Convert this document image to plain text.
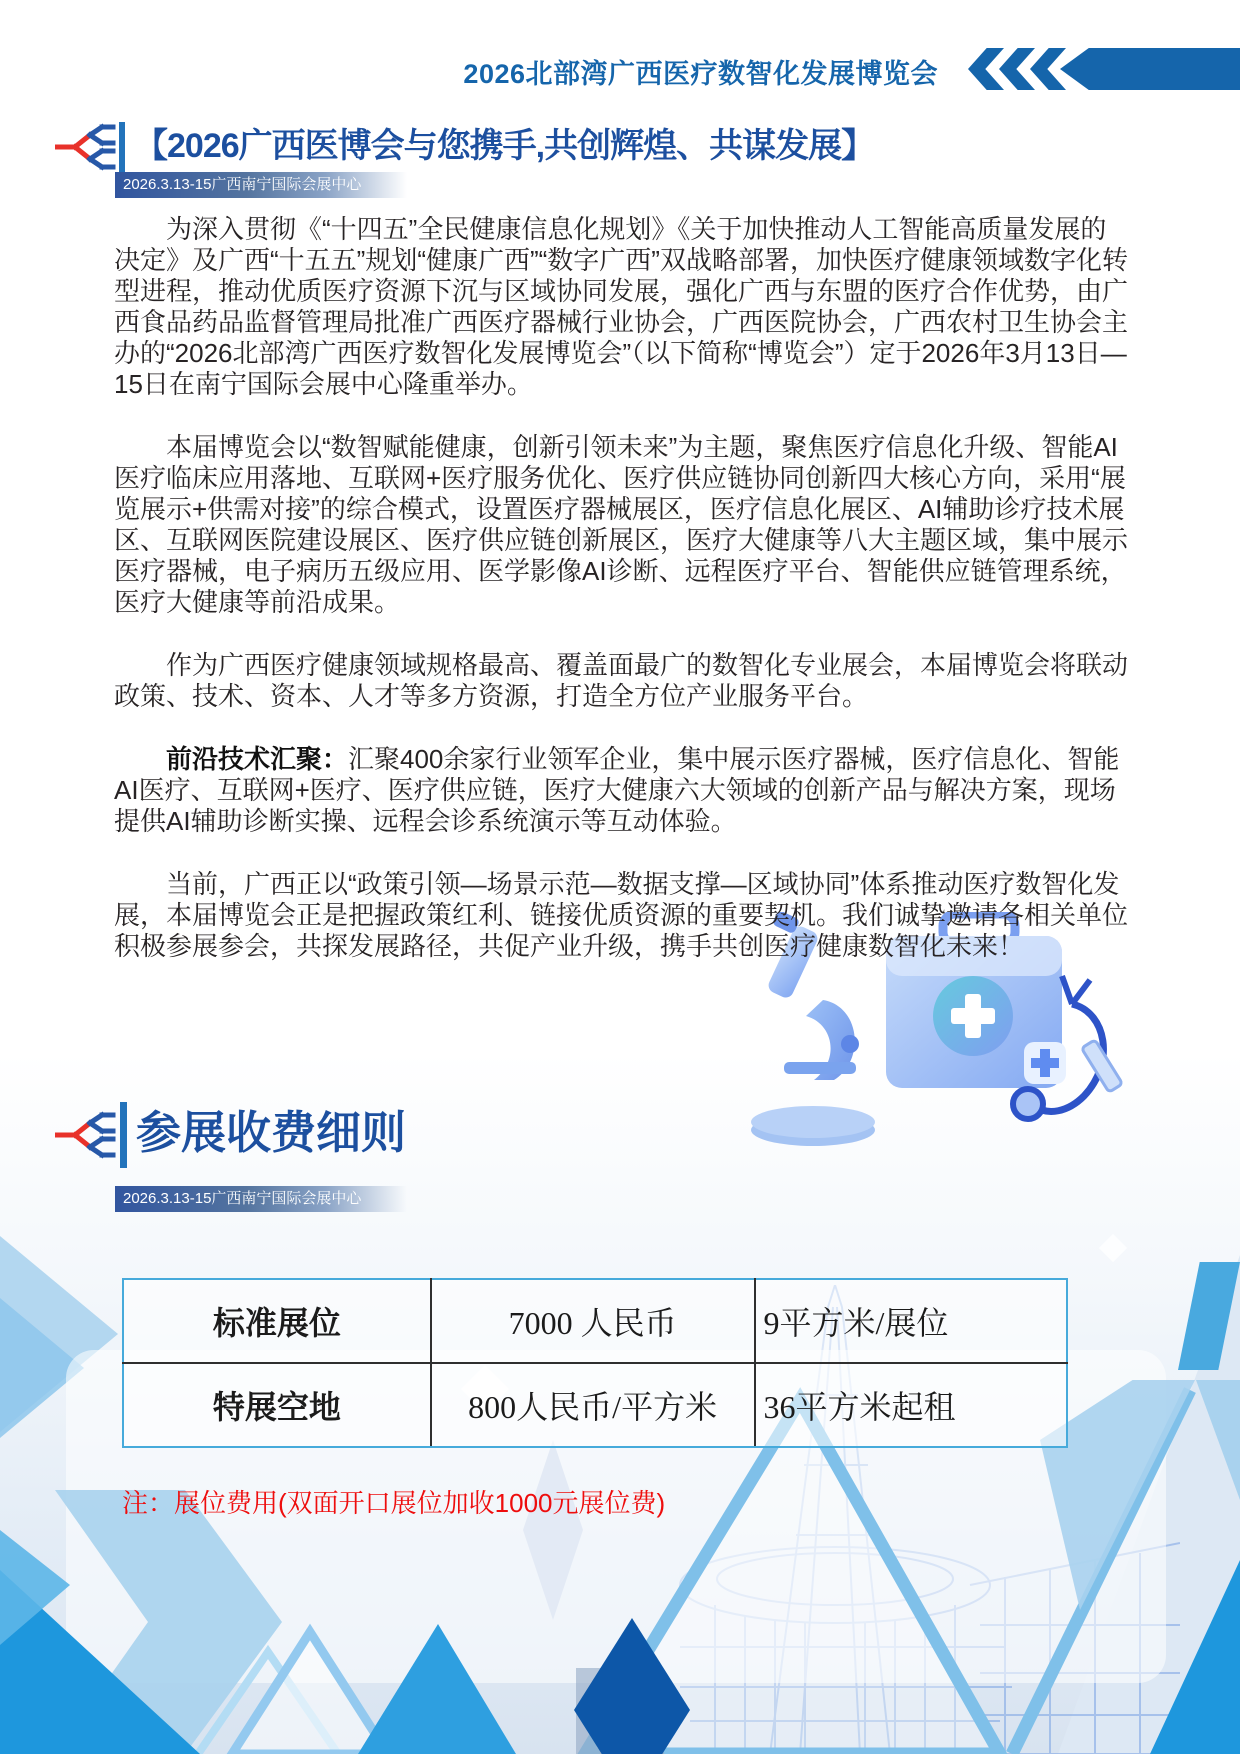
2026北部湾广西医疗数智化发展博览会
【2026广西医博会与您携手,共创辉煌、共谋发展】
2026.3.13-15广西南宁国际会展中心

为深入贯彻《“十四五”全民健康信息化规划》《关于加快推动人工智能高质量发展的决定》及广西“十五五”规划“健康广西”“数字广西”双战略部署，加快医疗健康领域数字化转型进程，推动优质医疗资源下沉与区域协同发展，强化广西与东盟的医疗合作优势，由广西食品药品监督管理局批准广西医疗器械行业协会，广西医院协会，广西农村卫生协会主办的“2026北部湾广西医疗数智化发展博览会”（以下简称“博览会”）定于2026年3月13日—15日在南宁国际会展中心隆重举办。

本届博览会以“数智赋能健康，创新引领未来”为主题，聚焦医疗信息化升级、智能AI医疗临床应用落地、互联网+医疗服务优化、医疗供应链协同创新四大核心方向，采用“展览展示+供需对接”的综合模式，设置医疗器械展区，医疗信息化展区、AI辅助诊疗技术展区、互联网医院建设展区、医疗供应链创新展区，医疗大健康等八大主题区域，集中展示医疗器械，电子病历五级应用、医学影像AI诊断、远程医疗平台、智能供应链管理系统，医疗大健康等前沿成果。

作为广西医疗健康领域规格最高、覆盖面最广的数智化专业展会，本届博览会将联动政策、技术、资本、人才等多方资源，打造全方位产业服务平台。

前沿技术汇聚：汇聚400余家行业领军企业，集中展示医疗器械，医疗信息化、智能AI医疗、互联网+医疗、医疗供应链，医疗大健康六大领域的创新产品与解决方案，现场提供AI辅助诊断实操、远程会诊系统演示等互动体验。

当前，广西正以“政策引领—场景示范—数据支撑—区域协同”体系推动医疗数智化发展，本届博览会正是把握政策红利、链接优质资源的重要契机。我们诚挚邀请各相关单位积极参展参会，共探发展路径，共促产业升级，携手共创医疗健康数智化未来！

参展收费细则
2026.3.13-15广西南宁国际会展中心
标准展位	7000 人民币	9平方米/展位
特展空地	800人民币/平方米	36平方米起租
注：展位费用(双面开口展位加收1000元展位费)
